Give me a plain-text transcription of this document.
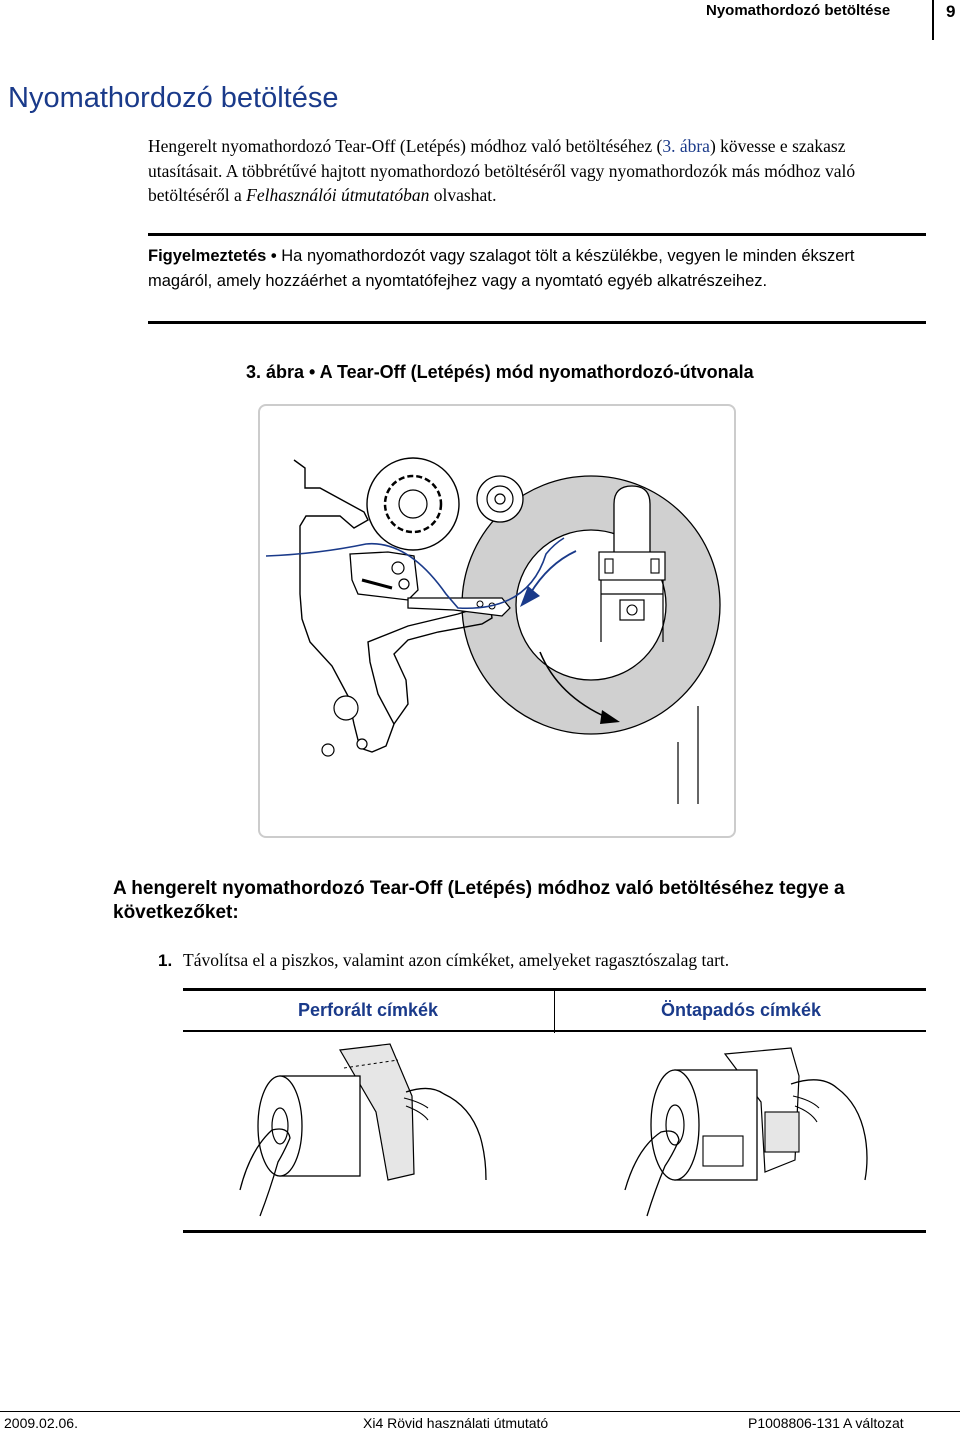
Nyomathordozó betöltése	9
Nyomathordozó betöltése
Hengerelt nyomathordozó Tear-Off (Letépés) módhoz való betöltéséhez (3. ábra) kövesse e szakasz utasításait. A többrétűvé hajtott nyomathordozó betöltéséről vagy nyomathordozók más módhoz való betöltéséről a Felhasználói útmutatóban olvashat.
Figyelmeztetés • Ha nyomathordozót vagy szalagot tölt a készülékbe, vegyen le minden ékszert magáról, amely hozzáérhet a nyomtatófejhez vagy a nyomtató egyéb alkatrészeihez.
3. ábra • A Tear-Off (Letépés) mód nyomathordozó-útvonala
A hengerelt nyomathordozó Tear-Off (Letépés) módhoz való betöltéséhez tegye a következőket:
1. Távolítsa el a piszkos, valamint azon címkéket, amelyeket ragasztószalag tart.
Perforált címkék	Öntapadós címkék
2009.02.06.	Xi4 Rövid használati útmutató	P1008806-131 A változat
